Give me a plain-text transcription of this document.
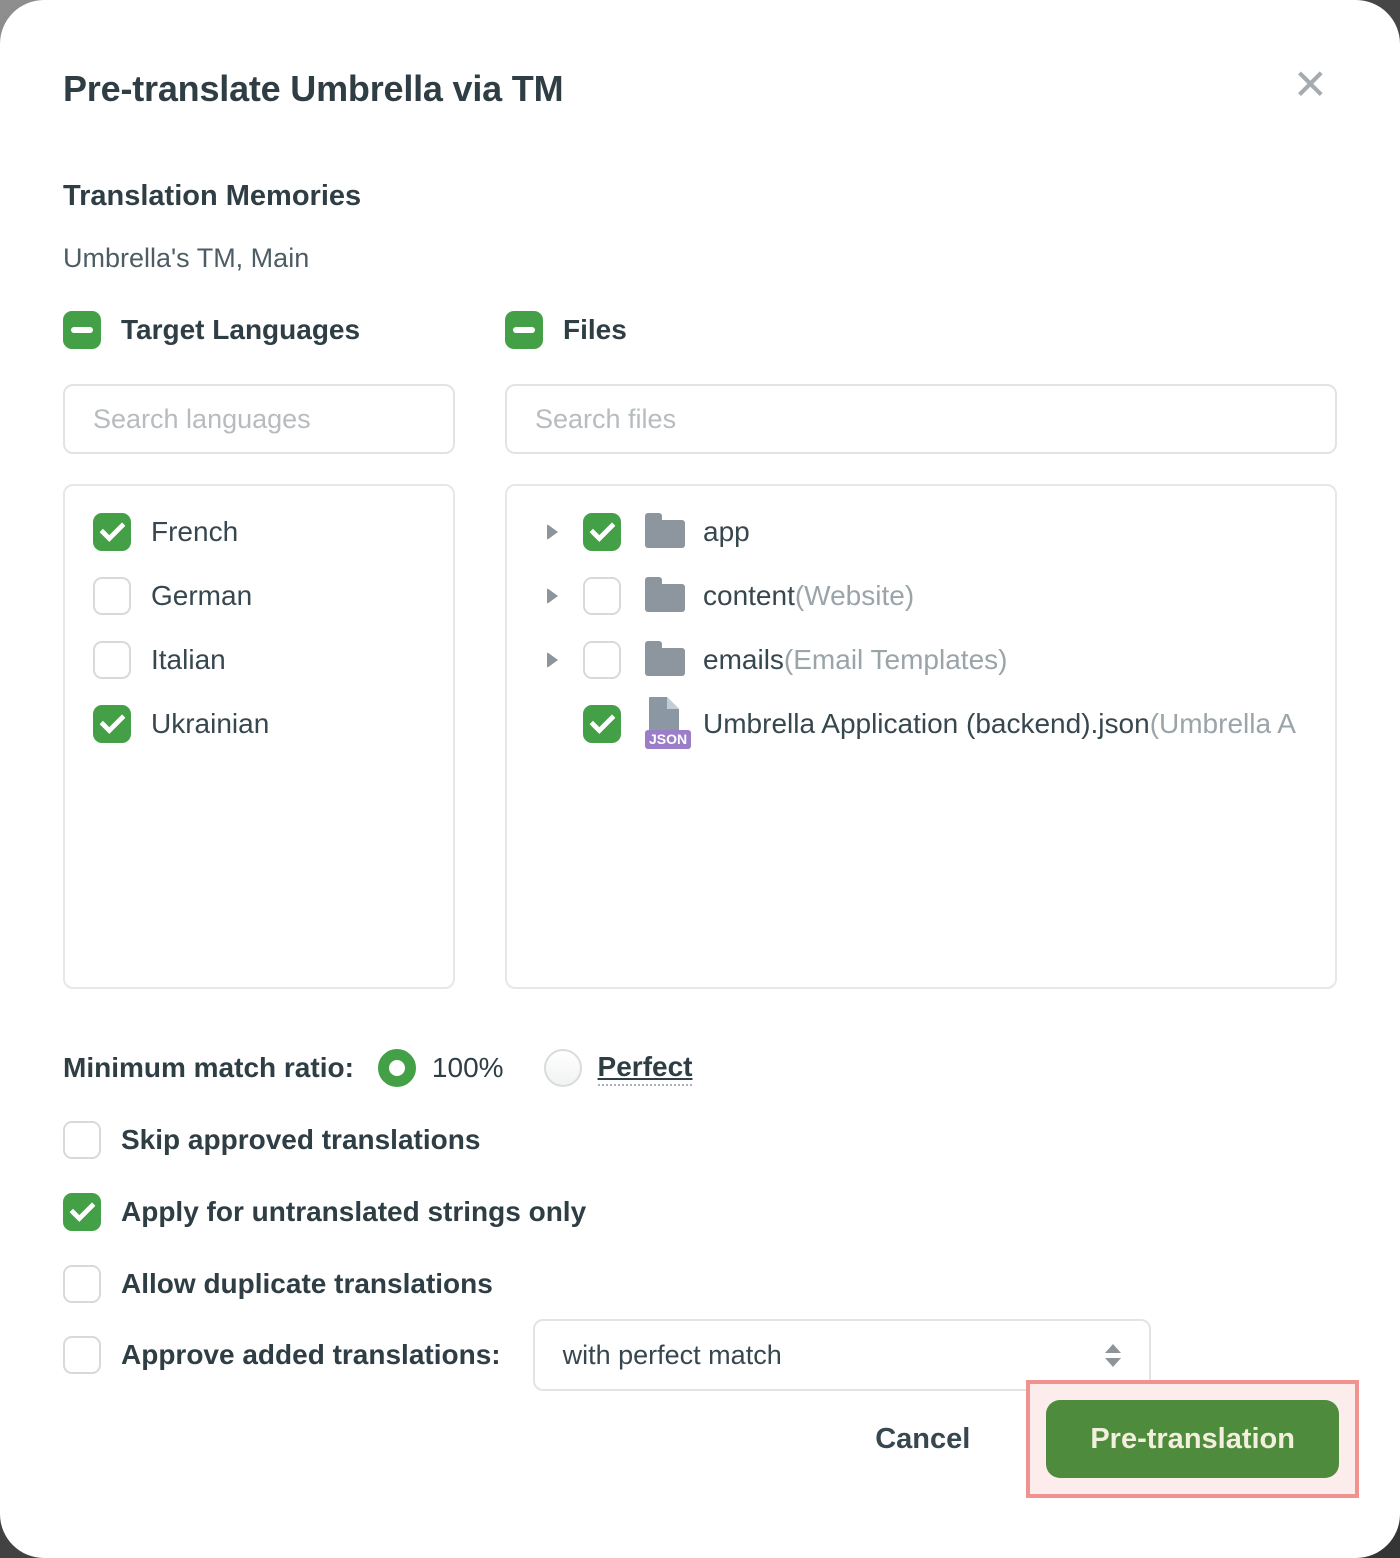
Pre-translate Umbrella via TM	✕
Translation Memories
Umbrella's TM, Main
Target Languages
Search languages
French
German
Italian
Ukrainian
Files
Search files
app
content (Website)
emails (Email Templates)
JSON Umbrella Application (backend).json (Umbrella A
Minimum match ratio:	100%	Perfect
Skip approved translations
Apply for untranslated strings only
Allow duplicate translations
Approve added translations: with perfect match
Cancel	Pre-translation
